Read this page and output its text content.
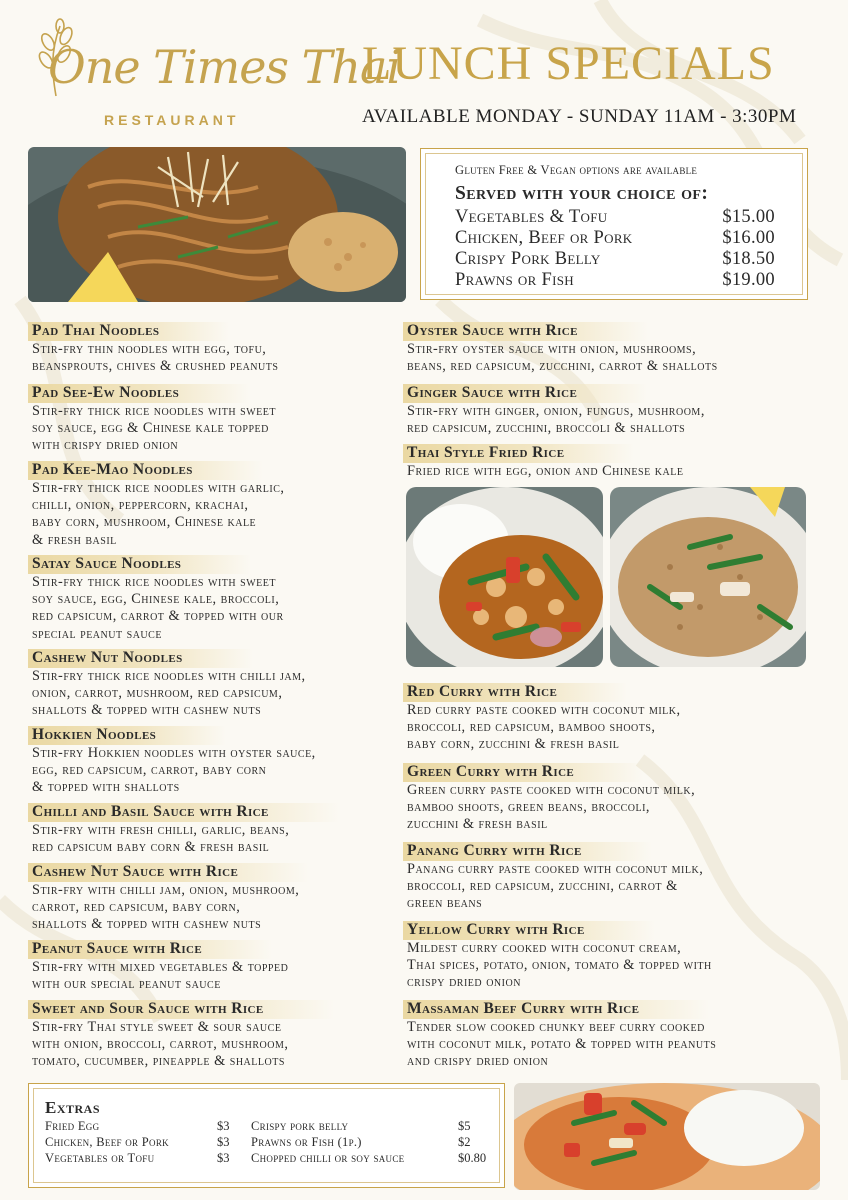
One Times Thai
RESTAURANT
LUNCH SPECIALS
AVAILABLE MONDAY - SUNDAY 11AM - 3:30PM
Gluten Free & Vegan options are available
Served with your choice of:
Vegetables & Tofu	$15.00
Chicken, Beef or Pork	$16.00
Crispy Pork Belly	$18.50
Prawns or Fish	$19.00
Pad Thai Noodles
Stir-fry thin noodles with egg, tofu,
beansprouts, chives & crushed peanuts
Pad See-Ew Noodles
Stir-fry thick rice noodles with sweet
soy sauce, egg & Chinese kale topped
with crispy dried onion
Pad Kee-Mao Noodles
Stir-fry thick rice noodles with garlic,
chilli, onion, peppercorn, krachai,
baby corn, mushroom, Chinese kale
& fresh basil
Satay Sauce Noodles
Stir-fry thick rice noodles with sweet
soy sauce, egg, Chinese kale, broccoli,
red capsicum, carrot & topped with our
special peanut sauce
Cashew Nut Noodles
Stir-fry thick rice noodles with chilli jam,
onion, carrot, mushroom, red capsicum,
shallots & topped with cashew nuts
Hokkien Noodles
Stir-fry Hokkien noodles with oyster sauce,
egg, red capsicum, carrot, baby corn
& topped with shallots
Chilli and Basil Sauce with Rice
Stir-fry with fresh chilli, garlic, beans,
red capsicum baby corn & fresh basil
Cashew Nut Sauce with Rice
Stir-fry with chilli jam, onion, mushroom,
carrot, red capsicum, baby corn,
shallots & topped with cashew nuts
Peanut Sauce with Rice
Stir-fry with mixed vegetables & topped
with our special peanut sauce
Sweet and Sour Sauce with Rice
Stir-fry Thai style sweet & sour sauce
with onion, broccoli, carrot, mushroom,
tomato, cucumber, pineapple & shallots
Oyster Sauce with Rice
Stir-fry oyster sauce with onion, mushrooms,
beans, red capsicum, zucchini, carrot & shallots
Ginger Sauce with Rice
Stir-fry with ginger, onion, fungus, mushroom,
red capsicum, zucchini, broccoli & shallots
Thai Style Fried Rice
Fried rice with egg, onion and Chinese kale
Red Curry with Rice
Red curry paste cooked with coconut milk,
broccoli, red capsicum, bamboo shoots,
baby corn, zucchini & fresh basil
Green Curry with Rice
Green curry paste cooked with coconut milk,
bamboo shoots, green beans, broccoli,
zucchini & fresh basil
Panang Curry with Rice
Panang curry paste cooked with coconut milk,
broccoli, red capsicum, zucchini, carrot &
green beans
Yellow Curry with Rice
Mildest curry cooked with coconut cream,
Thai spices, potato, onion, tomato & topped with
crispy dried onion
Massaman Beef Curry with Rice
Tender slow cooked chunky beef curry cooked
with coconut milk, potato & topped with peanuts
and crispy dried onion
Extras
Fried Egg	$3
Chicken, Beef or Pork	$3
Vegetables or Tofu	$3
Crispy pork belly	$5
Prawns or Fish (1p.)	$2
Chopped chilli or soy sauce	$0.80
